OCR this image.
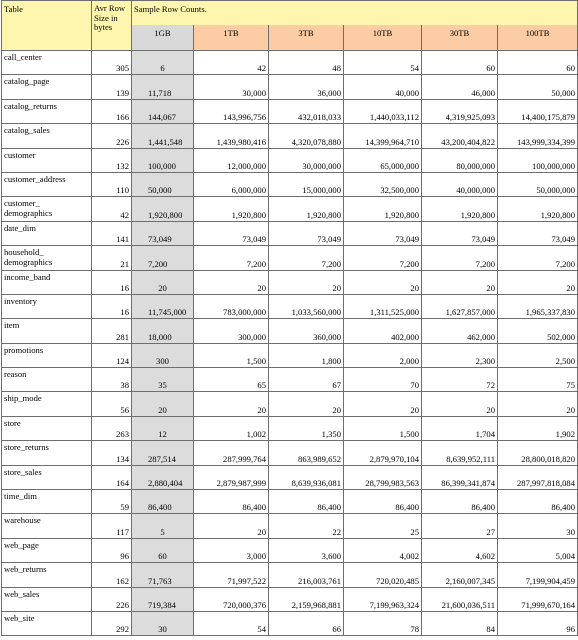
Table	Avr Row Size in bytes	Sample Row Counts.					
		1GB	1TB	3TB	10TB	30TB	100TB
call_center	305	6	42	48	54	60	60
catalog_page	139	11,718	30,000	36,000	40,000	46,000	50,000
catalog_returns	166	144,067	143,996,756	432,018,033	1,440,033,112	4,319,925,093	14,400,175,879
catalog_sales	226	1,441,548	1,439,980,416	4,320,078,880	14,399,964,710	43,200,404,822	143,999,334,399
customer	132	100,000	12,000,000	30,000,000	65,000,000	80,000,000	100,000,000
customer_address	110	50,000	6,000,000	15,000,000	32,500,000	40,000,000	50,000,000
customer_ demographics	42	1,920,800	1,920,800	1,920,800	1,920,800	1,920,800	1,920,800
date_dim	141	73,049	73,049	73,049	73,049	73,049	73,049
household_ demographics	21	7,200	7,200	7,200	7,200	7,200	7,200
income_band	16	20	20	20	20	20	20
inventory	16	11,745,000	783,000,000	1,033,560,000	1,311,525,000	1,627,857,000	1,965,337,830
item	281	18,000	300,000	360,000	402,000	462,000	502,000
promotions	124	300	1,500	1,800	2,000	2,300	2,500
reason	38	35	65	67	70	72	75
ship_mode	56	20	20	20	20	20	20
store	263	12	1,002	1,350	1,500	1,704	1,902
store_returns	134	287,514	287,999,764	863,989,652	2,879,970,104	8,639,952,111	28,800,018,820
store_sales	164	2,880,404	2,879,987,999	8,639,936,081	28,799,983,563	86,399,341,874	287,997,818,084
time_dim	59	86,400	86,400	86,400	86,400	86,400	86,400
warehouse	117	5	20	22	25	27	30
web_page	96	60	3,000	3,600	4,002	4,602	5,004
web_returns	162	71,763	71,997,522	216,003,761	720,020,485	2,160,007,345	7,199,904,459
web_sales	226	719,384	720,000,376	2,159,968,881	7,199,963,324	21,600,036,511	71,999,670,164
web_site	292	30	54	66	78	84	96
